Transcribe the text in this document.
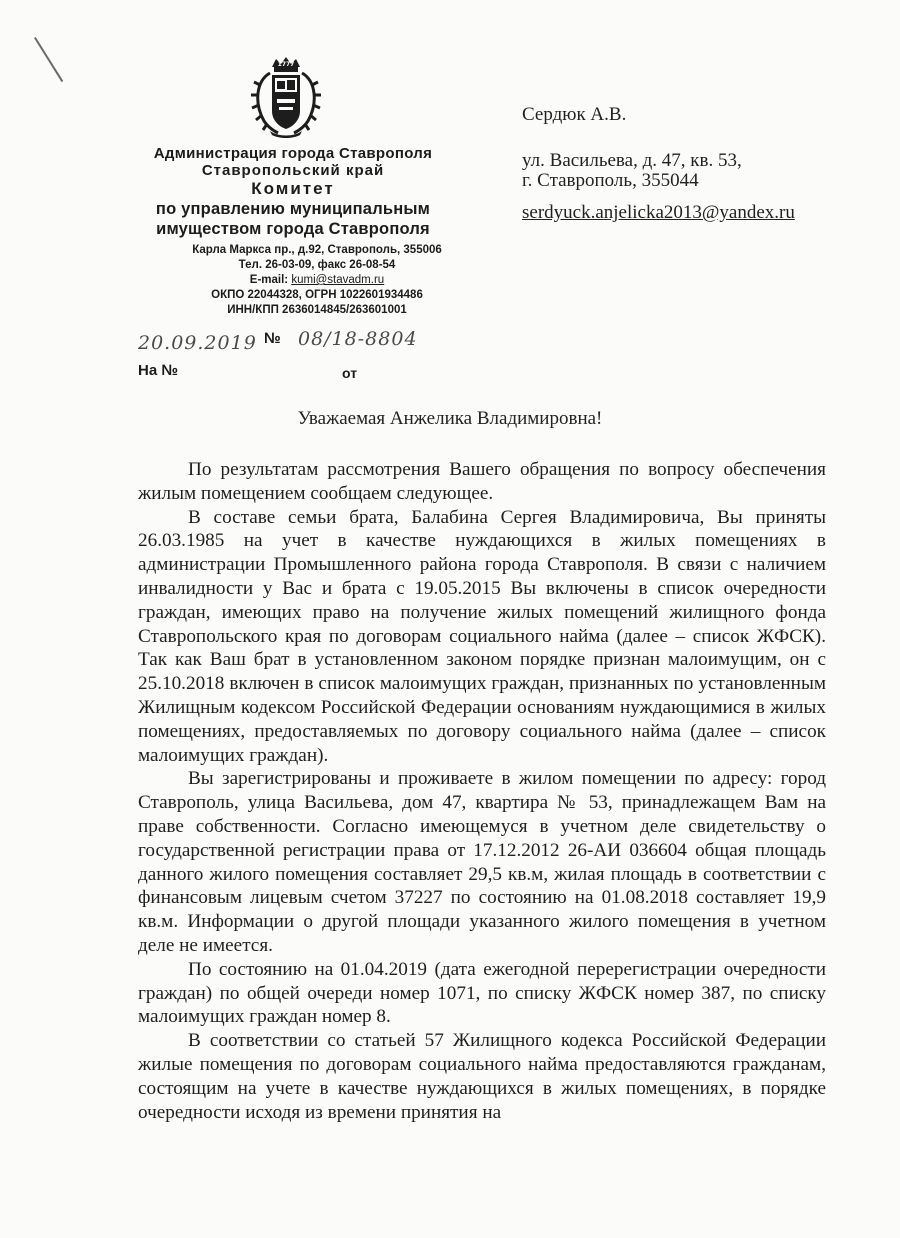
1777
Администрация города Ставрополя
Ставропольский край
Комитет
по управлению муниципальным
имуществом города Ставрополя
Карла Маркса пр., д.92, Ставрополь, 355006
Тел. 26-03-09, факс 26-08-54
E-mail: kumi@stavadm.ru
ОКПО 22044328, ОГРН 1022601934486
ИНН/КПП 2636014845/263601001
20.09.2019 № 08/18-8804
На №	от
Сердюк А.В.
ул. Васильева, д. 47, кв. 53,
г. Ставрополь, 355044
serdyuck.anjelicka2013@yandex.ru
Уважаемая Анжелика Владимировна!

По результатам рассмотрения Вашего обращения по вопросу обеспечения жилым помещением сообщаем следующее.

В составе семьи брата, Балабина Сергея Владимировича, Вы приняты 26.03.1985 на учет в качестве нуждающихся в жилых помещениях в администрации Промышленного района города Ставрополя. В связи с наличием инвалидности у Вас и брата с 19.05.2015 Вы включены в список очередности граждан, имеющих право на получение жилых помещений жилищного фонда Ставропольского края по договорам социального найма (далее – список ЖФСК). Так как Ваш брат в установленном законом порядке признан малоимущим, он с 25.10.2018 включен в список малоимущих граждан, признанных по установленным Жилищным кодексом Российской Федерации основаниям нуждающимися в жилых помещениях, предоставляемых по договору социального найма (далее – список малоимущих граждан).

Вы зарегистрированы и проживаете в жилом помещении по адресу: город Ставрополь, улица Васильева, дом 47, квартира № 53, принадлежащем Вам на праве собственности. Согласно имеющемуся в учетном деле свидетельству о государственной регистрации права от 17.12.2012 26-АИ 036604 общая площадь данного жилого помещения составляет 29,5 кв.м, жилая площадь в соответствии с финансовым лицевым счетом 37227 по состоянию на 01.08.2018 составляет 19,9 кв.м. Информации о другой площади указанного жилого помещения в учетном деле не имеется.

По состоянию на 01.04.2019 (дата ежегодной перерегистрации очередности граждан) по общей очереди номер 1071, по списку ЖФСК номер 387, по списку малоимущих граждан номер 8.

В соответствии со статьей 57 Жилищного кодекса Российской Федерации жилые помещения по договорам социального найма предоставляются гражданам, состоящим на учете в качестве нуждающихся в жилых помещениях, в порядке очередности исходя из времени принятия на
